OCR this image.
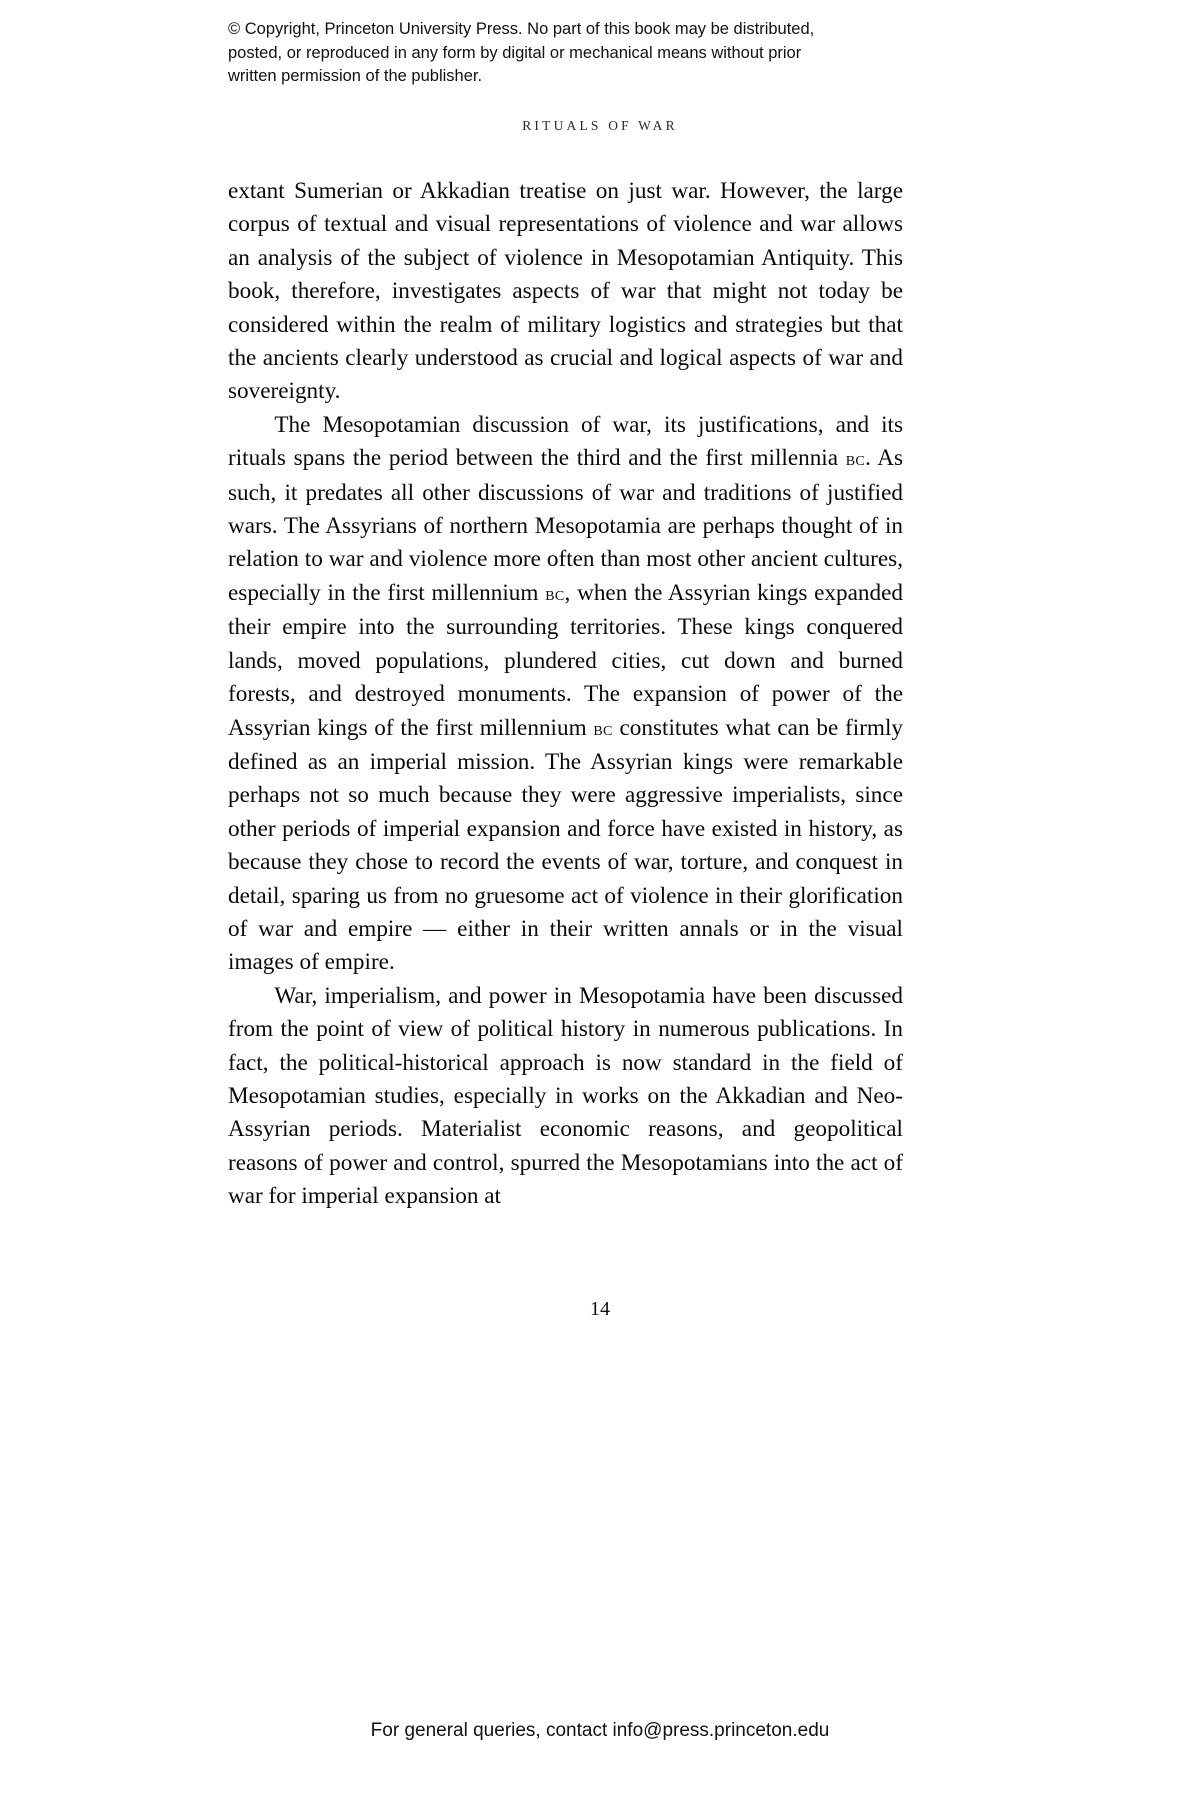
© Copyright, Princeton University Press. No part of this book may be distributed, posted, or reproduced in any form by digital or mechanical means without prior written permission of the publisher.
RITUALS OF WAR

extant Sumerian or Akkadian treatise on just war. However, the large corpus of textual and visual representations of violence and war allows an analysis of the subject of violence in Mesopotamian Antiquity. This book, therefore, investigates aspects of war that might not today be considered within the realm of military logistics and strategies but that the ancients clearly understood as crucial and logical aspects of war and sovereignty.

The Mesopotamian discussion of war, its justifications, and its rituals spans the period between the third and the first millennia bc. As such, it predates all other discussions of war and traditions of justified wars. The Assyrians of northern Mesopotamia are perhaps thought of in relation to war and violence more often than most other ancient cultures, especially in the first millennium bc, when the Assyrian kings expanded their empire into the surrounding territories. These kings conquered lands, moved populations, plundered cities, cut down and burned forests, and destroyed monuments. The expansion of power of the Assyrian kings of the first millennium bc constitutes what can be firmly defined as an imperial mission. The Assyrian kings were remarkable perhaps not so much because they were aggressive imperialists, since other periods of imperial expansion and force have existed in history, as because they chose to record the events of war, torture, and conquest in detail, sparing us from no gruesome act of violence in their glorification of war and empire — either in their written annals or in the visual images of empire.

War, imperialism, and power in Mesopotamia have been discussed from the point of view of political history in numerous publications. In fact, the political-historical approach is now standard in the field of Mesopotamian studies, especially in works on the Akkadian and Neo-Assyrian periods. Materialist economic reasons, and geopolitical reasons of power and control, spurred the Mesopotamians into the act of war for imperial expansion at

14
For general queries, contact info@press.princeton.edu
